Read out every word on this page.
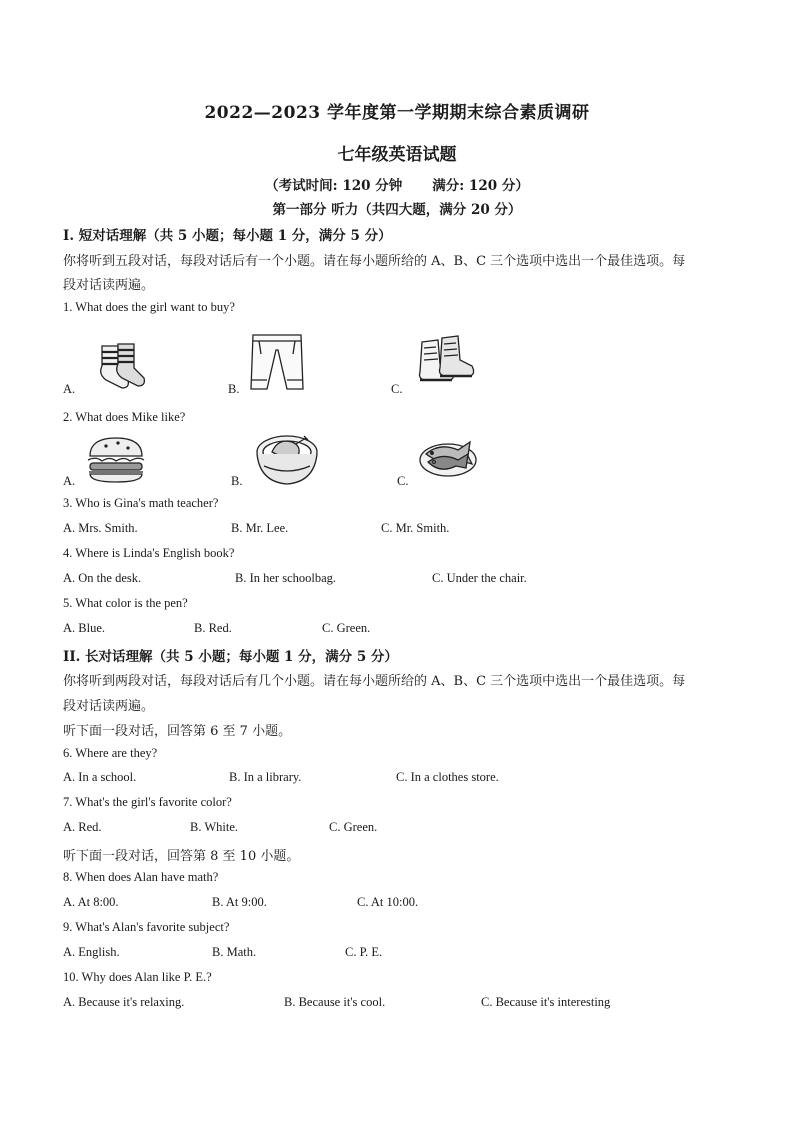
2022—2023 学年度第一学期期末综合素质调研
七年级英语试题
（考试时间: 120 分钟 满分: 120 分）
第一部分 听力（共四大题，满分 20 分）
I. 短对话理解（共 5 小题；每小题 1 分，满分 5 分）
你将听到五段对话，每段对话后有一个小题。请在每小题所给的 A、B、C 三个选项中选出一个最佳选项。每
段对话读两遍。
1. What does the girl want to buy?
A.	B.	C.
2. What does Mike like?
A.	B.	C.
3. Who is Gina's math teacher?
A. Mrs. Smith.	B. Mr. Lee.	C. Mr. Smith.
4. Where is Linda's English book?
A. On the desk.	B. In her schoolbag.	C. Under the chair.
5. What color is the pen?
A. Blue.	B. Red.	C. Green.
II. 长对话理解（共 5 小题；每小题 1 分，满分 5 分）
你将听到两段对话，每段对话后有几个小题。请在每小题所给的 A、B、C 三个选项中选出一个最佳选项。每
段对话读两遍。
听下面一段对话，回答第 6 至 7 小题。
6. Where are they?
A. In a school.	B. In a library.	C. In a clothes store.
7. What's the girl's favorite color?
A. Red.	B. White.	C. Green.
听下面一段对话，回答第 8 至 10 小题。
8. When does Alan have math?
A. At 8:00.	B. At 9:00.	C. At 10:00.
9. What's Alan's favorite subject?
A. English.	B. Math.	C. P. E.
10. Why does Alan like P. E.?
A. Because it's relaxing.	B. Because it's cool.	C. Because it's interesting
